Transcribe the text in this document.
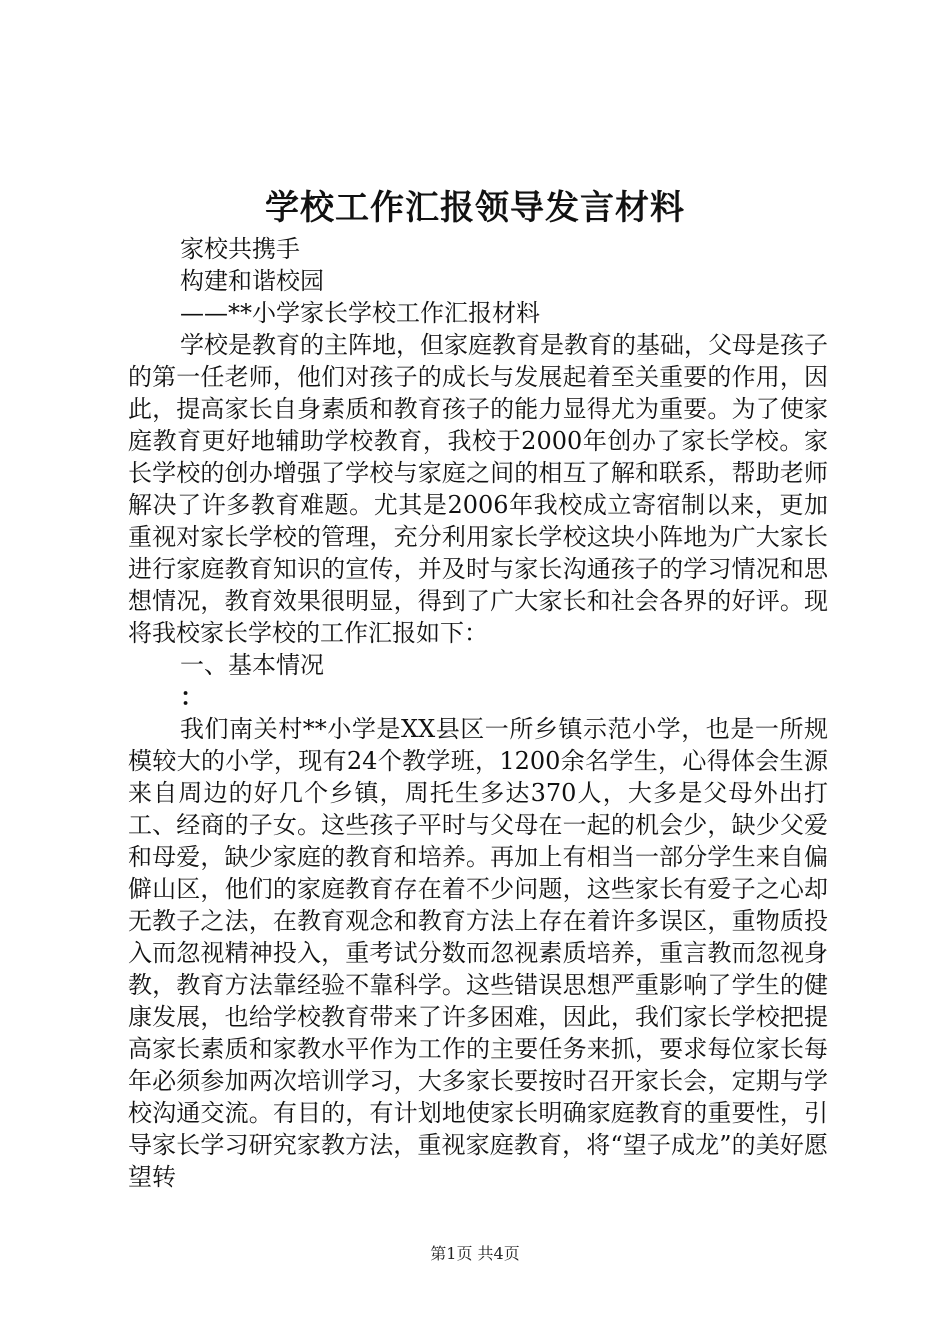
学校工作汇报领导发言材料
家校共携手
构建和谐校园
——**小学家长学校工作汇报材料

学校是教育的主阵地，但家庭教育是教育的基础，父母是孩子的第一任老师，他们对孩子的成长与发展起着至关重要的作用，因此，提高家长自身素质和教育孩子的能力显得尤为重要。为了使家庭教育更好地辅助学校教育，我校于2000年创办了家长学校。家长学校的创办增强了学校与家庭之间的相互了解和联系，帮助老师解决了许多教育难题。尤其是2006年我校成立寄宿制以来，更加重视对家长学校的管理，充分利用家长学校这块小阵地为广大家长进行家庭教育知识的宣传，并及时与家长沟通孩子的学习情况和思想情况，教育效果很明显，得到了广大家长和社会各界的好评。现将我校家长学校的工作汇报如下：

一、基本情况
：

我们南关村**小学是XX县区一所乡镇示范小学，也是一所规模较大的小学，现有24个教学班，1200余名学生，心得体会生源来自周边的好几个乡镇，周托生多达370人，大多是父母外出打工、经商的子女。这些孩子平时与父母在一起的机会少，缺少父爱和母爱，缺少家庭的教育和培养。再加上有相当一部分学生来自偏僻山区，他们的家庭教育存在着不少问题，这些家长有爱子之心却无教子之法，在教育观念和教育方法上存在着许多误区，重物质投入而忽视精神投入，重考试分数而忽视素质培养，重言教而忽视身教，教育方法靠经验不靠科学。这些错误思想严重影响了学生的健康发展，也给学校教育带来了许多困难，因此，我们家长学校把提高家长素质和家教水平作为工作的主要任务来抓，要求每位家长每年必须参加两次培训学习，大多家长要按时召开家长会，定期与学校沟通交流。有目的，有计划地使家长明确家庭教育的重要性，引导家长学习研究家教方法，重视家庭教育，将“望子成龙”的美好愿望转

第1页 共4页
